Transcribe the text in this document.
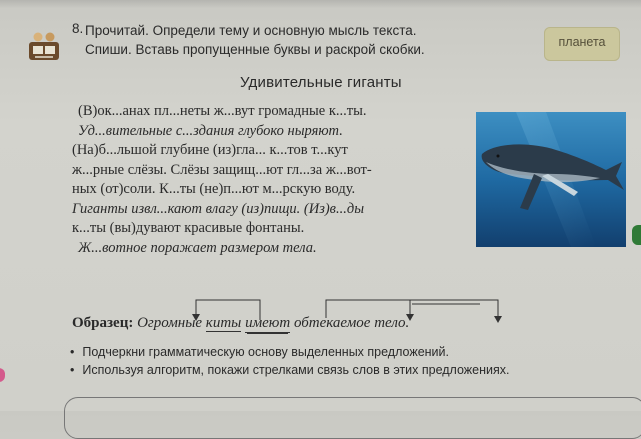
8. Прочитай. Определи тему и основную мысль текста.
Спиши. Вставь пропущенные буквы и раскрой скобки.	планета
Удивительные гиганты
(В)ок...анах пл...неты ж...вут громадные к...ты.
Уд...вительные с...здания глубоко ныряют.
(На)б...льшой глубине (из)гла... к...тов т...кут
ж...рные слёзы. Слёзы защищ...ют гл...за ж...вот-
ных (от)соли. К...ты (не)п...ют м...рскую воду.
Гиганты извл...кают влагу (из)пищи. (Из)в...ды
к...ты (вы)дувают красивые фонтаны.
Ж...вотное поражает размером тела.
Образец: Огромные киты имеют обтекаемое тело.
• Подчеркни грамматическую основу выделенных предложений.
• Используя алгоритм, покажи стрелками связь слов в этих предложениях.
